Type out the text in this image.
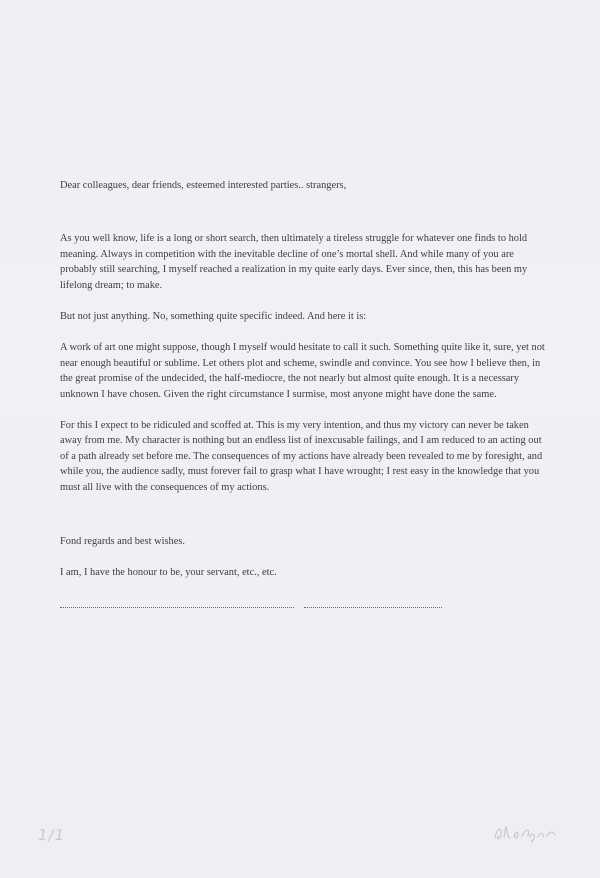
Dear colleagues, dear friends, esteemed interested parties.. strangers,

As you well know, life is a long or short search, then ultimately a tireless struggle for whatever one finds to hold meaning. Always in competition with the inevitable decline of one’s mortal shell. And while many of you are probably still searching, I myself reached a realization in my quite early days. Ever since, then, this has been my lifelong dream; to make.

But not just anything. No, something quite specific indeed. And here it is:

A work of art one might suppose, though I myself would hesitate to call it such. Something quite like it, sure, yet not near enough beautiful or sublime. Let others plot and scheme, swindle and convince. You see how I believe then, in the great promise of the undecided, the half-mediocre, the not nearly but almost quite enough. It is a necessary unknown I have chosen. Given the right circumstance I surmise, most anyone might have done the same.

For this I expect to be ridiculed and scoffed at. This is my very intention, and thus my victory can never be taken away from me. My character is nothing but an endless list of inexcusable failings, and I am reduced to an acting out of a path already set before me. The consequences of my actions have already been revealed to me by foresight, and while you, the audience sadly, must forever fail to grasp what I have wrought; I rest easy in the knowledge that you must all live with the consequences of my actions.

Fond regards and best wishes.

I am, I have the honour to be, your servant, etc., etc.

1/1
